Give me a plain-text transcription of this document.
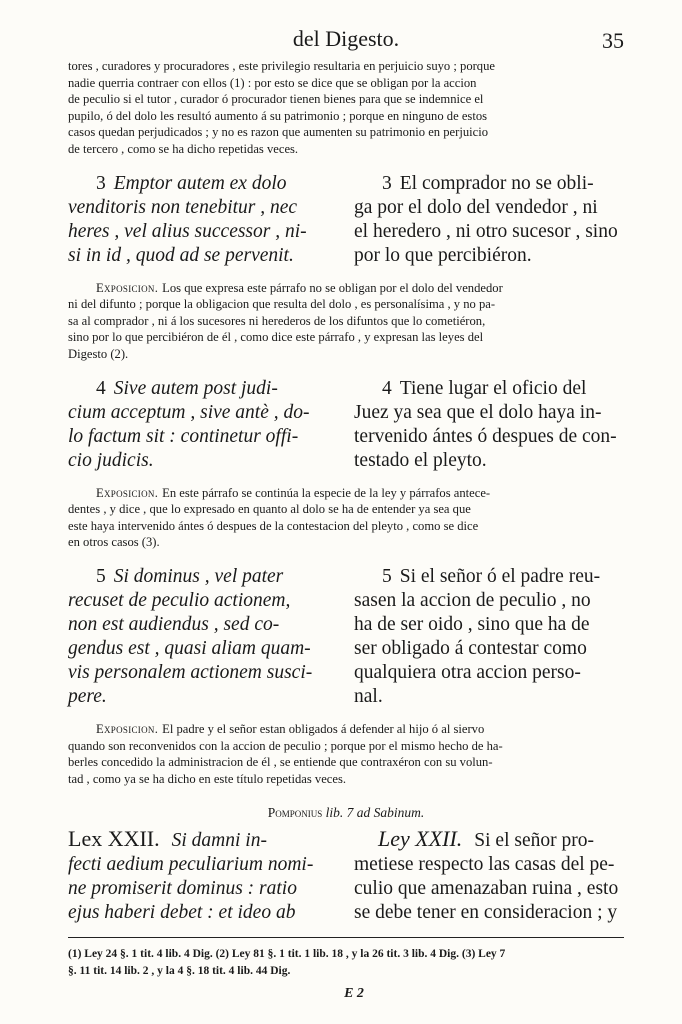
del Digesto.	35

tores , curadores y procuradores , este privilegio resultaria en perjuicio suyo ; porque

nadie querria contraer con ellos (1) : por esto se dice que se obligan por la accion

de peculio si el tutor , curador ó procurador tienen bienes para que se indemnice el

pupilo, ó del dolo les resultó aumento á su patrimonio ; porque en ninguno de estos

casos quedan perjudicados ; y no es razon que aumenten su patrimonio en perjuicio

de tercero , como se ha dicho repetidas veces.

3 Emptor autem ex dolo

venditoris non tenebitur , nec

heres , vel alius successor , ni-

si in id , quod ad se pervenit.

3 El comprador no se obli-

ga por el dolo del vendedor , ni

el heredero , ni otro sucesor , sino

por lo que percibiéron.

Exposicion. Los que expresa este párrafo no se obligan por el dolo del vendedor

ni del difunto ; porque la obligacion que resulta del dolo , es personalísima , y no pa-

sa al comprador , ni á los sucesores ni herederos de los difuntos que lo cometiéron,

sino por lo que percibiéron de él , como dice este párrafo , y expresan las leyes del

Digesto (2).

4 Sive autem post judi-

cium acceptum , sive antè , do-

lo factum sit : continetur offi-

cio judicis.

4 Tiene lugar el oficio del

Juez ya sea que el dolo haya in-

tervenido ántes ó despues de con-

testado el pleyto.

Exposicion. En este párrafo se continúa la especie de la ley y párrafos antece-

dentes , y dice , que lo expresado en quanto al dolo se ha de entender ya sea que

este haya intervenido ántes ó despues de la contestacion del pleyto , como se dice

en otros casos (3).

5 Si dominus , vel pater

recuset de peculio actionem,

non est audiendus , sed co-

gendus est , quasi aliam quam-

vis personalem actionem susci-

pere.

5 Si el señor ó el padre reu-

sasen la accion de peculio , no

ha de ser oido , sino que ha de

ser obligado á contestar como

qualquiera otra accion perso-

nal.

Exposicion. El padre y el señor estan obligados á defender al hijo ó al siervo

quando son reconvenidos con la accion de peculio ; porque por el mismo hecho de ha-

berles concedido la administracion de él , se entiende que contraxéron con su volun-

tad , como ya se ha dicho en este título repetidas veces.

Pomponius lib. 7 ad Sabinum.

Lex XXII. Si damni in-

fecti aedium peculiarium nomi-

ne promiserit dominus : ratio

ejus haberi debet : et ideo ab

Ley XXII. Si el señor pro-

metiese respecto las casas del pe-

culio que amenazaban ruina , esto

se debe tener en consideracion ; y

(1) Ley 24 §. 1 tit. 4 lib. 4 Dig. (2) Ley 81 §. 1 tit. 1 lib. 18 , y la 26 tit. 3 lib. 4 Dig. (3) Ley 7
§. 11 tit. 14 lib. 2 , y la 4 §. 18 tit. 4 lib. 44 Dig.
E 2
